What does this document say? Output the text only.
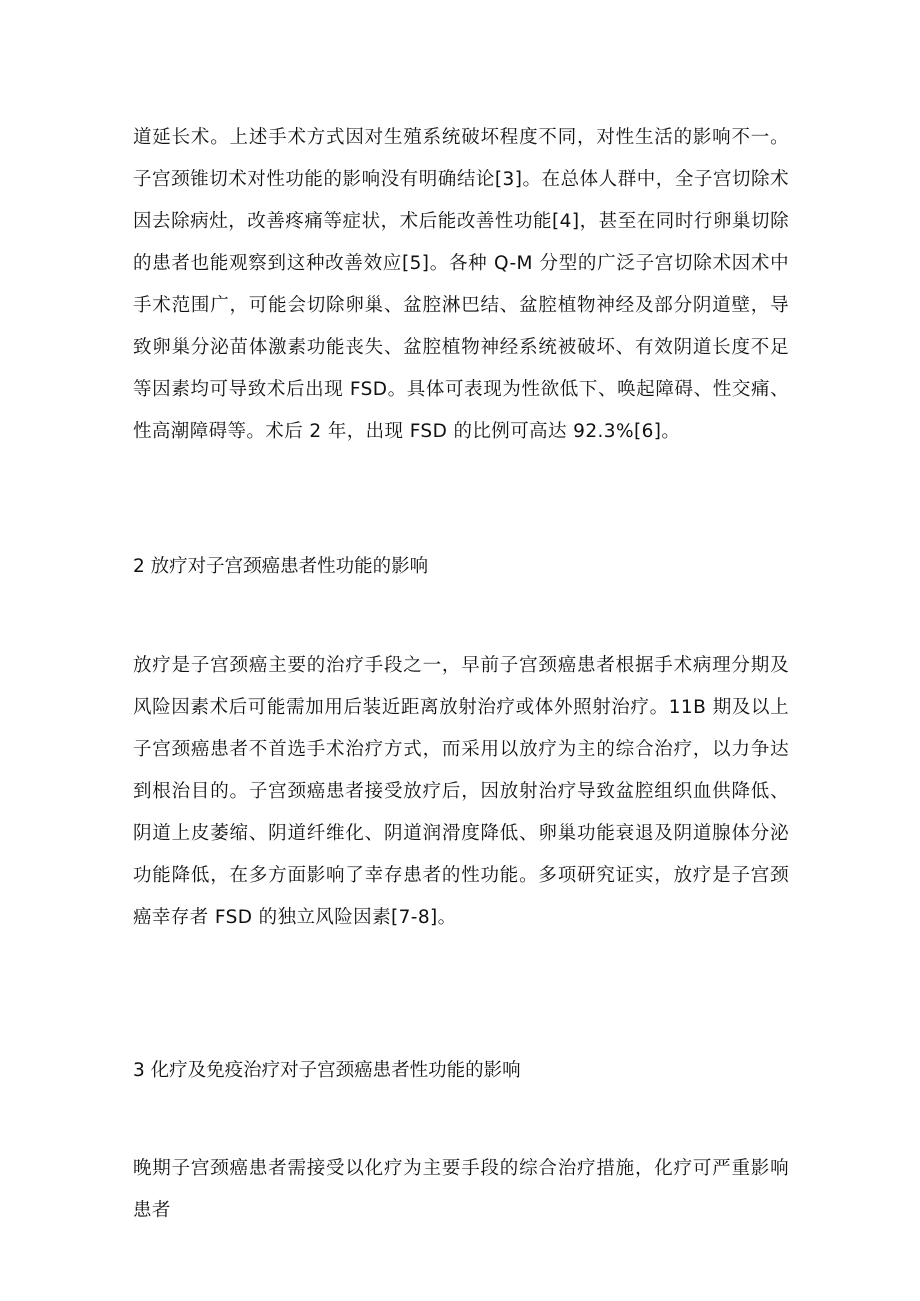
道延长术。上述手术方式因对生殖系统破坏程度不同，对性生活的影响不一。子宫颈锥切术对性功能的影响没有明确结论[3]。在总体人群中，全子宫切除术因去除病灶，改善疼痛等症状，术后能改善性功能[4]，甚至在同时行卵巢切除的患者也能观察到这种改善效应[5]。各种 Q-M 分型的广泛子宫切除术因术中手术范围广，可能会切除卵巢、盆腔淋巴结、盆腔植物神经及部分阴道壁，导致卵巢分泌苗体激素功能丧失、盆腔植物神经系统被破坏、有效阴道长度不足等因素均可导致术后出现 FSD。具体可表现为性欲低下、唤起障碍、性交痛、性高潮障碍等。术后 2 年，出现 FSD 的比例可高达 92.3%[6]。

2 放疗对子宫颈癌患者性功能的影响

放疗是子宫颈癌主要的治疗手段之一，早前子宫颈癌患者根据手术病理分期及风险因素术后可能需加用后装近距离放射治疗或体外照射治疗。11B 期及以上子宫颈癌患者不首选手术治疗方式，而采用以放疗为主的综合治疗，以力争达到根治目的。子宫颈癌患者接受放疗后，因放射治疗导致盆腔组织血供降低、阴道上皮萎缩、阴道纤维化、阴道润滑度降低、卵巢功能衰退及阴道腺体分泌功能降低，在多方面影响了幸存患者的性功能。多项研究证实，放疗是子宫颈癌幸存者 FSD 的独立风险因素[7-8]。

3 化疗及免疫治疗对子宫颈癌患者性功能的影响

晚期子宫颈癌患者需接受以化疗为主要手段的综合治疗措施，化疗可严重影响患者
